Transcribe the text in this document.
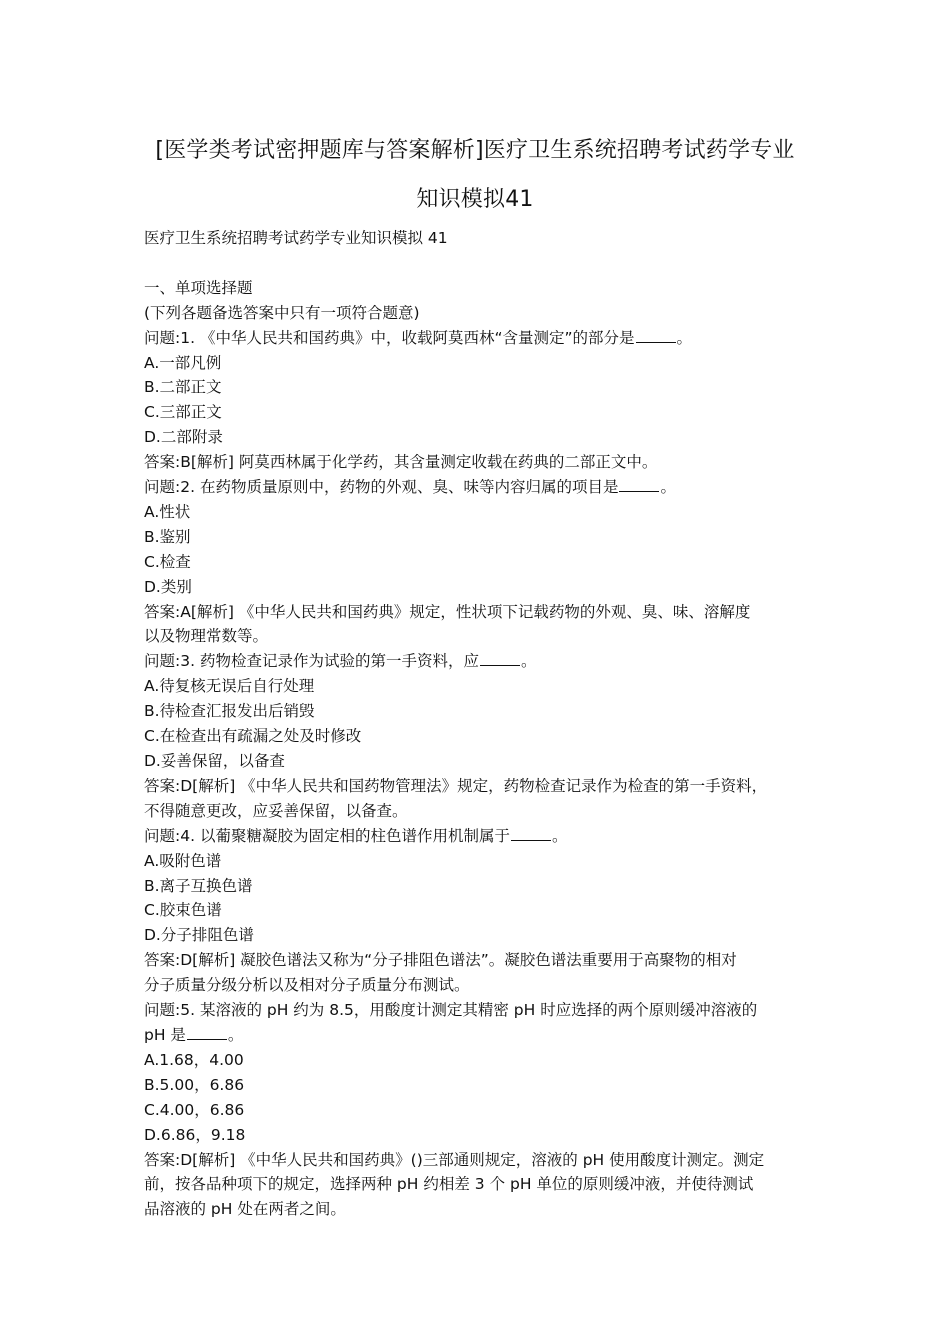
[医学类考试密押题库与答案解析]医疗卫生系统招聘考试药学专业
知识模拟41
医疗卫生系统招聘考试药学专业知识模拟 41
一、单项选择题
(下列各题备选答案中只有一项符合题意)
问题:1. 《中华人民共和国药典》中，收载阿莫西林“含量测定”的部分是	。
A.一部凡例
B.二部正文
C.三部正文
D.二部附录
答案:B[解析] 阿莫西林属于化学药，其含量测定收载在药典的二部正文中。
问题:2. 在药物质量原则中，药物的外观、臭、味等内容归属的项目是	。
A.性状
B.鉴别
C.检查
D.类别
答案:A[解析] 《中华人民共和国药典》规定，性状项下记载药物的外观、臭、味、溶解度
以及物理常数等。
问题:3. 药物检查记录作为试验的第一手资料，应	。
A.待复核无误后自行处理
B.待检查汇报发出后销毁
C.在检查出有疏漏之处及时修改
D.妥善保留，以备查
答案:D[解析] 《中华人民共和国药物管理法》规定，药物检查记录作为检查的第一手资料，
不得随意更改，应妥善保留，以备查。
问题:4. 以葡聚糖凝胶为固定相的柱色谱作用机制属于	。
A.吸附色谱
B.离子互换色谱
C.胶束色谱
D.分子排阻色谱
答案:D[解析] 凝胶色谱法又称为“分子排阻色谱法”。凝胶色谱法重要用于高聚物的相对
分子质量分级分析以及相对分子质量分布测试。
问题:5. 某溶液的 pH 约为 8.5，用酸度计测定其精密 pH 时应选择的两个原则缓冲溶液的
pH 是	。
A.1.68，4.00
B.5.00，6.86
C.4.00，6.86
D.6.86，9.18
答案:D[解析] 《中华人民共和国药典》()三部通则规定，溶液的 pH 使用酸度计测定。测定
前，按各品种项下的规定，选择两种 pH 约相差 3 个 pH 单位的原则缓冲液，并使待测试
品溶液的 pH 处在两者之间。
